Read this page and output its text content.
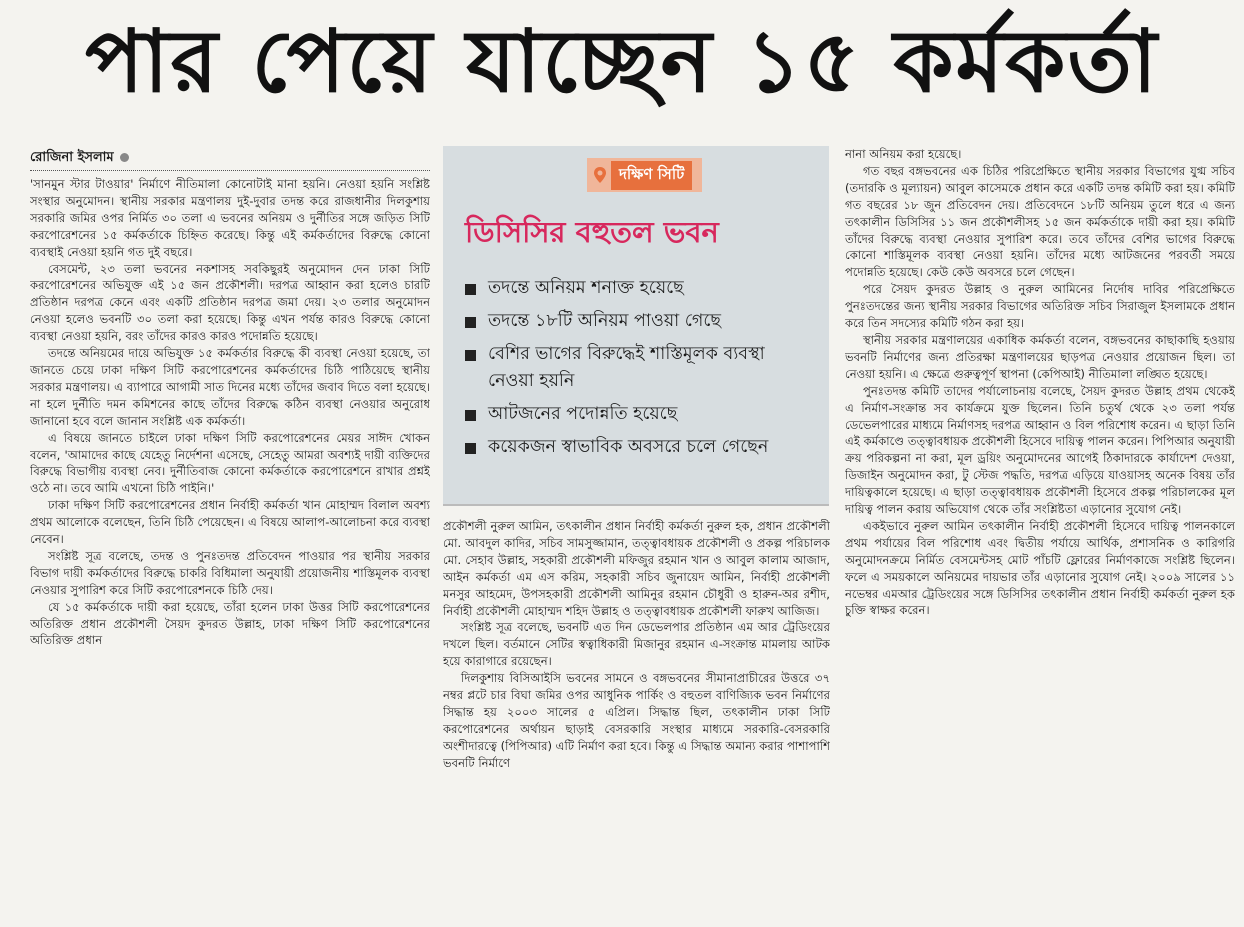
পার পেয়ে যাচ্ছেন ১৫ কর্মকর্তা
রোজিনা ইসলাম

'সানমুন স্টার টাওয়ার' নির্মাণে নীতিমালা কোনোটাই মানা হয়নি। নেওয়া হয়নি সংশ্লিষ্ট সংস্থার অনুমোদন। স্থানীয় সরকার মন্ত্রণালয় দুই-দুবার তদন্ত করে রাজধানীর দিলকুশায় সরকারি জমির ওপর নির্মিত ৩০ তলা এ ভবনের অনিয়ম ও দুর্নীতির সঙ্গে জড়িত সিটি করপোরেশনের ১৫ কর্মকর্তাকে চিহ্নিত করেছে। কিন্তু এই কর্মকর্তাদের বিরুদ্ধে কোনো ব্যবস্থাই নেওয়া হয়নি গত দুই বছরে।

বেসমেন্ট, ২৩ তলা ভবনের নকশাসহ সবকিছুরই অনুমোদন দেন ঢাকা সিটি করপোরেশনের অভিযুক্ত এই ১৫ জন প্রকৌশলী। দরপত্র আহ্বান করা হলেও চারটি প্রতিষ্ঠান দরপত্র কেনে এবং একটি প্রতিষ্ঠান দরপত্র জমা দেয়। ২৩ তলার অনুমোদন নেওয়া হলেও ভবনটি ৩০ তলা করা হয়েছে। কিন্তু এখন পর্যন্ত কারও বিরুদ্ধে কোনো ব্যবস্থা নেওয়া হয়নি, বরং তাঁদের কারও কারও পদোন্নতি হয়েছে।

তদন্তে অনিয়মের দায়ে অভিযুক্ত ১৫ কর্মকর্তার বিরুদ্ধে কী ব্যবস্থা নেওয়া হয়েছে, তা জানতে চেয়ে ঢাকা দক্ষিণ সিটি করপোরেশনের কর্মকর্তাদের চিঠি পাঠিয়েছে স্থানীয় সরকার মন্ত্রণালয়। এ ব্যাপারে আগামী সাত দিনের মধ্যে তাঁদের জবাব দিতে বলা হয়েছে। না হলে দুর্নীতি দমন কমিশনের কাছে তাঁদের বিরুদ্ধে কঠিন ব্যবস্থা নেওয়ার অনুরোধ জানানো হবে বলে জানান সংশ্লিষ্ট এক কর্মকর্তা।

এ বিষয়ে জানতে চাইলে ঢাকা দক্ষিণ সিটি করপোরেশনের মেয়র সাঈদ খোকন বলেন, 'আমাদের কাছে যেহেতু নির্দেশনা এসেছে, সেহেতু আমরা অবশ্যই দায়ী ব্যক্তিদের বিরুদ্ধে বিভাগীয় ব্যবস্থা নেব। দুর্নীতিবাজ কোনো কর্মকর্তাকে করপোরেশনে রাখার প্রশ্নই ওঠে না। তবে আমি এখনো চিঠি পাইনি।'

ঢাকা দক্ষিণ সিটি করপোরেশনের প্রধান নির্বাহী কর্মকর্তা খান মোহাম্মদ বিলাল অবশ্য প্রথম আলোকে বলেছেন, তিনি চিঠি পেয়েছেন। এ বিষয়ে আলাপ-আলোচনা করে ব্যবস্থা নেবেন।

সংশ্লিষ্ট সূত্র বলেছে, তদন্ত ও পুনঃতদন্ত প্রতিবেদন পাওয়ার পর স্থানীয় সরকার বিভাগ দায়ী কর্মকর্তাদের বিরুদ্ধে চাকরি বিধিমালা অনুযায়ী প্রয়োজনীয় শাস্তিমূলক ব্যবস্থা নেওয়ার সুপারিশ করে সিটি করপোরেশনকে চিঠি দেয়।

যে ১৫ কর্মকর্তাকে দায়ী করা হয়েছে, তাঁরা হলেন ঢাকা উত্তর সিটি করপোরেশনের অতিরিক্ত প্রধান প্রকৌশলী সৈয়দ কুদরত উল্লাহ, ঢাকা দক্ষিণ সিটি করপোরেশনের অতিরিক্ত প্রধান

দক্ষিণ সিটি
ডিসিসির বহুতল ভবন
তদন্তে অনিয়ম শনাক্ত হয়েছে
তদন্তে ১৮টি অনিয়ম পাওয়া গেছে
বেশির ভাগের বিরুদ্ধেই শাস্তিমূলক ব্যবস্থা নেওয়া হয়নি
আটজনের পদোন্নতি হয়েছে
কয়েকজন স্বাভাবিক অবসরে চলে গেছেন

প্রকৌশলী নুরুল আমিন, তৎকালীন প্রধান নির্বাহী কর্মকর্তা নুরুল হক, প্রধান প্রকৌশলী মো. আবদুল কাদির, সচিব সামসুজ্জামান, তত্ত্বাবধায়ক প্রকৌশলী ও প্রকল্প পরিচালক মো. সেহাব উল্লাহ, সহকারী প্রকৌশলী মফিজুর রহমান খান ও আবুল কালাম আজাদ, আইন কর্মকর্তা এম এস করিম, সহকারী সচিব জুনায়েদ আমিন, নির্বাহী প্রকৌশলী মনসুর আহমেদ, উপসহকারী প্রকৌশলী আমিনুর রহমান চৌধুরী ও হারুন-অর রশীদ, নির্বাহী প্রকৌশলী মোহাম্মদ শহিদ উল্লাহ ও তত্ত্বাবধায়ক প্রকৌশলী ফারুখ আজিজ।

সংশ্লিষ্ট সূত্র বলেছে, ভবনটি এত দিন ডেভেলপার প্রতিষ্ঠান এম আর ট্রেডিংয়ের দখলে ছিল। বর্তমানে সেটির স্বত্বাধিকারী মিজানুর রহমান এ-সংক্রান্ত মামলায় আটক হয়ে কারাগারে রয়েছেন।

দিলকুশায় বিসিআইসি ভবনের সামনে ও বঙ্গভবনের সীমানাপ্রাচীরের উত্তরে ৩৭ নম্বর প্লটে চার বিঘা জমির ওপর আধুনিক পার্কিং ও বহুতল বাণিজ্যিক ভবন নির্মাণের সিদ্ধান্ত হয় ২০০৩ সালের ৫ এপ্রিল। সিদ্ধান্ত ছিল, তৎকালীন ঢাকা সিটি করপোরেশনের অর্থায়ন ছাড়াই বেসরকারি সংস্থার মাধ্যমে সরকারি-বেসরকারি অংশীদারত্বে (পিপিআর) এটি নির্মাণ করা হবে। কিন্তু এ সিদ্ধান্ত অমান্য করার পাশাপাশি ভবনটি নির্মাণে

নানা অনিয়ম করা হয়েছে।

গত বছর বঙ্গভবনের এক চিঠির পরিপ্রেক্ষিতে স্থানীয় সরকার বিভাগের যুগ্ম সচিব (তদারকি ও মূল্যায়ন) আবুল কাসেমকে প্রধান করে একটি তদন্ত কমিটি করা হয়। কমিটি গত বছরের ১৮ জুন প্রতিবেদন দেয়। প্রতিবেদনে ১৮টি অনিয়ম তুলে ধরে এ জন্য তৎকালীন ডিসিসির ১১ জন প্রকৌশলীসহ ১৫ জন কর্মকর্তাকে দায়ী করা হয়। কমিটি তাঁদের বিরুদ্ধে ব্যবস্থা নেওয়ার সুপারিশ করে। তবে তাঁদের বেশির ভাগের বিরুদ্ধে কোনো শাস্তিমূলক ব্যবস্থা নেওয়া হয়নি। তাঁদের মধ্যে আটজনের পরবর্তী সময়ে পদোন্নতি হয়েছে। কেউ কেউ অবসরে চলে গেছেন।

পরে সৈয়দ কুদরত উল্লাহ ও নুরুল আমিনের নির্দোষ দাবির পরিপ্রেক্ষিতে পুনঃতদন্তের জন্য স্থানীয় সরকার বিভাগের অতিরিক্ত সচিব সিরাজুল ইসলামকে প্রধান করে তিন সদস্যের কমিটি গঠন করা হয়।

স্থানীয় সরকার মন্ত্রণালয়ের একাধিক কর্মকর্তা বলেন, বঙ্গভবনের কাছাকাছি হওয়ায় ভবনটি নির্মাণের জন্য প্রতিরক্ষা মন্ত্রণালয়ের ছাড়পত্র নেওয়ার প্রয়োজন ছিল। তা নেওয়া হয়নি। এ ক্ষেত্রে গুরুত্বপূর্ণ স্থাপনা (কেপিআই) নীতিমালা লঙ্ঘিত হয়েছে।

পুনঃতদন্ত কমিটি তাদের পর্যালোচনায় বলেছে, সৈয়দ কুদরত উল্লাহ প্রথম থেকেই এ নির্মাণ-সংক্রান্ত সব কার্যক্রমে যুক্ত ছিলেন। তিনি চতুর্থ থেকে ২৩ তলা পর্যন্ত ডেভেলপারের মাধ্যমে নির্মাণসহ দরপত্র আহ্বান ও বিল পরিশোধ করেন। এ ছাড়া তিনি এই কর্মকাণ্ডে তত্ত্বাবধায়ক প্রকৌশলী হিসেবে দায়িত্ব পালন করেন। পিপিআর অনুযায়ী ক্রয় পরিকল্পনা না করা, মূল ড্রয়িং অনুমোদনের আগেই ঠিকাদারকে কার্যাদেশ দেওয়া, ডিজাইন অনুমোদন করা, টু স্টেজ পদ্ধতি, দরপত্র এড়িয়ে যাওয়াসহ অনেক বিষয় তাঁর দায়িত্বকালে হয়েছে। এ ছাড়া তত্ত্বাবধায়ক প্রকৌশলী হিসেবে প্রকল্প পরিচালকের মূল দায়িত্ব পালন করায় অভিযোগ থেকে তাঁর সংশ্লিষ্টতা এড়ানোর সুযোগ নেই।

একইভাবে নুরুল আমিন তৎকালীন নির্বাহী প্রকৌশলী হিসেবে দায়িত্ব পালনকালে প্রথম পর্যায়ের বিল পরিশোধ এবং দ্বিতীয় পর্যায়ে আর্থিক, প্রশাসনিক ও কারিগরি অনুমোদনক্রমে নির্মিত বেসমেন্টসহ মোট পাঁচটি ফ্লোরের নির্মাণকাজে সংশ্লিষ্ট ছিলেন। ফলে এ সময়কালে অনিয়মের দায়ভার তাঁর এড়ানোর সুযোগ নেই। ২০০৯ সালের ১১ নভেম্বর এমআর ট্রেডিংয়ের সঙ্গে ডিসিসির তৎকালীন প্রধান নির্বাহী কর্মকর্তা নুরুল হক চুক্তি স্বাক্ষর করেন।
